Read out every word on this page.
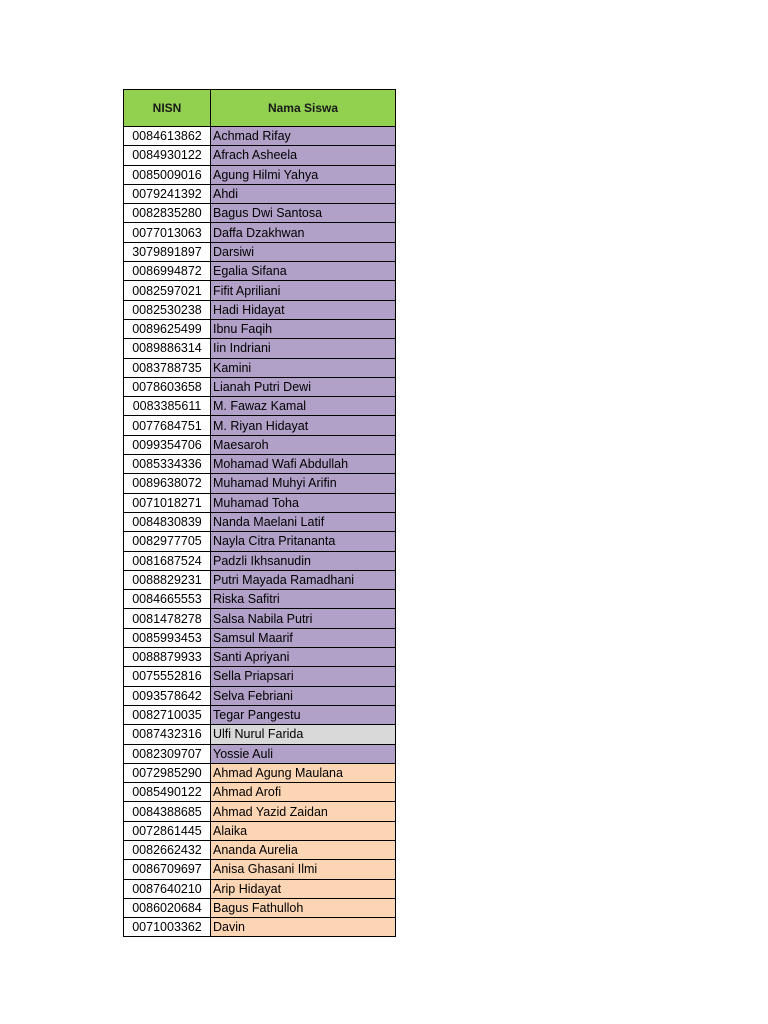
NISN	Nama Siswa
0084613862	Achmad Rifay
0084930122	Afrach Asheela
0085009016	Agung Hilmi Yahya
0079241392	Ahdi
0082835280	Bagus Dwi Santosa
0077013063	Daffa Dzakhwan
3079891897	Darsiwi
0086994872	Egalia Sifana
0082597021	Fifit Apriliani
0082530238	Hadi Hidayat
0089625499	Ibnu Faqih
0089886314	Iin Indriani
0083788735	Kamini
0078603658	Lianah Putri Dewi
0083385611	M. Fawaz Kamal
0077684751	M. Riyan Hidayat
0099354706	Maesaroh
0085334336	Mohamad Wafi Abdullah
0089638072	Muhamad Muhyi Arifin
0071018271	Muhamad Toha
0084830839	Nanda Maelani Latif
0082977705	Nayla Citra Pritananta
0081687524	Padzli Ikhsanudin
0088829231	Putri Mayada Ramadhani
0084665553	Riska Safitri
0081478278	Salsa Nabila Putri
0085993453	Samsul Maarif
0088879933	Santi Apriyani
0075552816	Sella Priapsari
0093578642	Selva Febriani
0082710035	Tegar Pangestu
0087432316	Ulfi Nurul Farida
0082309707	Yossie Auli
0072985290	Ahmad Agung Maulana
0085490122	Ahmad Arofi
0084388685	Ahmad Yazid Zaidan
0072861445	Alaika
0082662432	Ananda Aurelia
0086709697	Anisa Ghasani Ilmi
0087640210	Arip Hidayat
0086020684	Bagus Fathulloh
0071003362	Davin
